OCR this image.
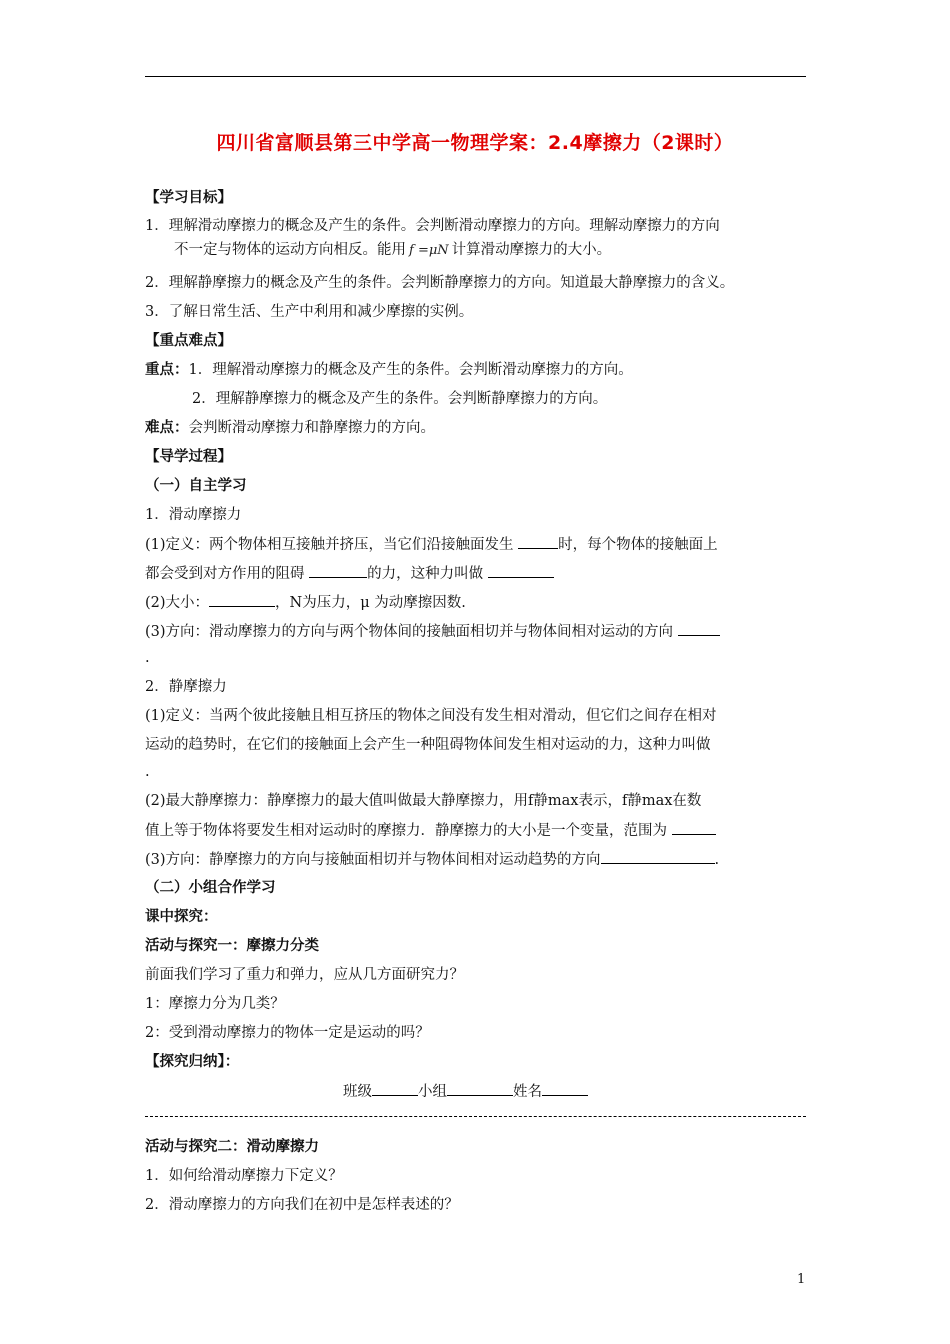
四川省富顺县第三中学高一物理学案：2.4摩擦力（2课时）
【学习目标】
1．理解滑动摩擦力的概念及产生的条件。会判断滑动摩擦力的方向。理解动摩擦力的方向
不一定与物体的运动方向相反。能用 f =μN 计算滑动摩擦力的大小。
2．理解静摩擦力的概念及产生的条件。会判断静摩擦力的方向。知道最大静摩擦力的含义。
3．了解日常生活、生产中利用和减少摩擦的实例。
【重点难点】
重点：1．理解滑动摩擦力的概念及产生的条件。会判断滑动摩擦力的方向。
2．理解静摩擦力的概念及产生的条件。会判断静摩擦力的方向。
难点：会判断滑动摩擦力和静摩擦力的方向。
【导学过程】
（一）自主学习
1．滑动摩擦力
(1)定义：两个物体相互接触并挤压，当它们沿接触面发生	时，每个物体的接触面上
都会受到对方作用的阻碍	的力，这种力叫做
(2)大小：	，N为压力，μ 为动摩擦因数.
(3)方向：滑动摩擦力的方向与两个物体间的接触面相切并与物体间相对运动的方向
.
2．静摩擦力
(1)定义：当两个彼此接触且相互挤压的物体之间没有发生相对滑动，但它们之间存在相对
运动的趋势时，在它们的接触面上会产生一种阻碍物体间发生相对运动的力，这种力叫做
.
(2)最大静摩擦力：静摩擦力的最大值叫做最大静摩擦力，用f静max表示，f静max在数
值上等于物体将要发生相对运动时的摩擦力．静摩擦力的大小是一个变量，范围为
(3)方向：静摩擦力的方向与接触面相切并与物体间相对运动趋势的方向	.
（二）小组合作学习
课中探究：
活动与探究一：摩擦力分类
前面我们学习了重力和弹力，应从几方面研究力？
1：摩擦力分为几类？
2：受到滑动摩擦力的物体一定是运动的吗？
【探究归纳】：
班级	小组	姓名
活动与探究二：滑动摩擦力
1．如何给滑动摩擦力下定义？
2．滑动摩擦力的方向我们在初中是怎样表述的？
1
